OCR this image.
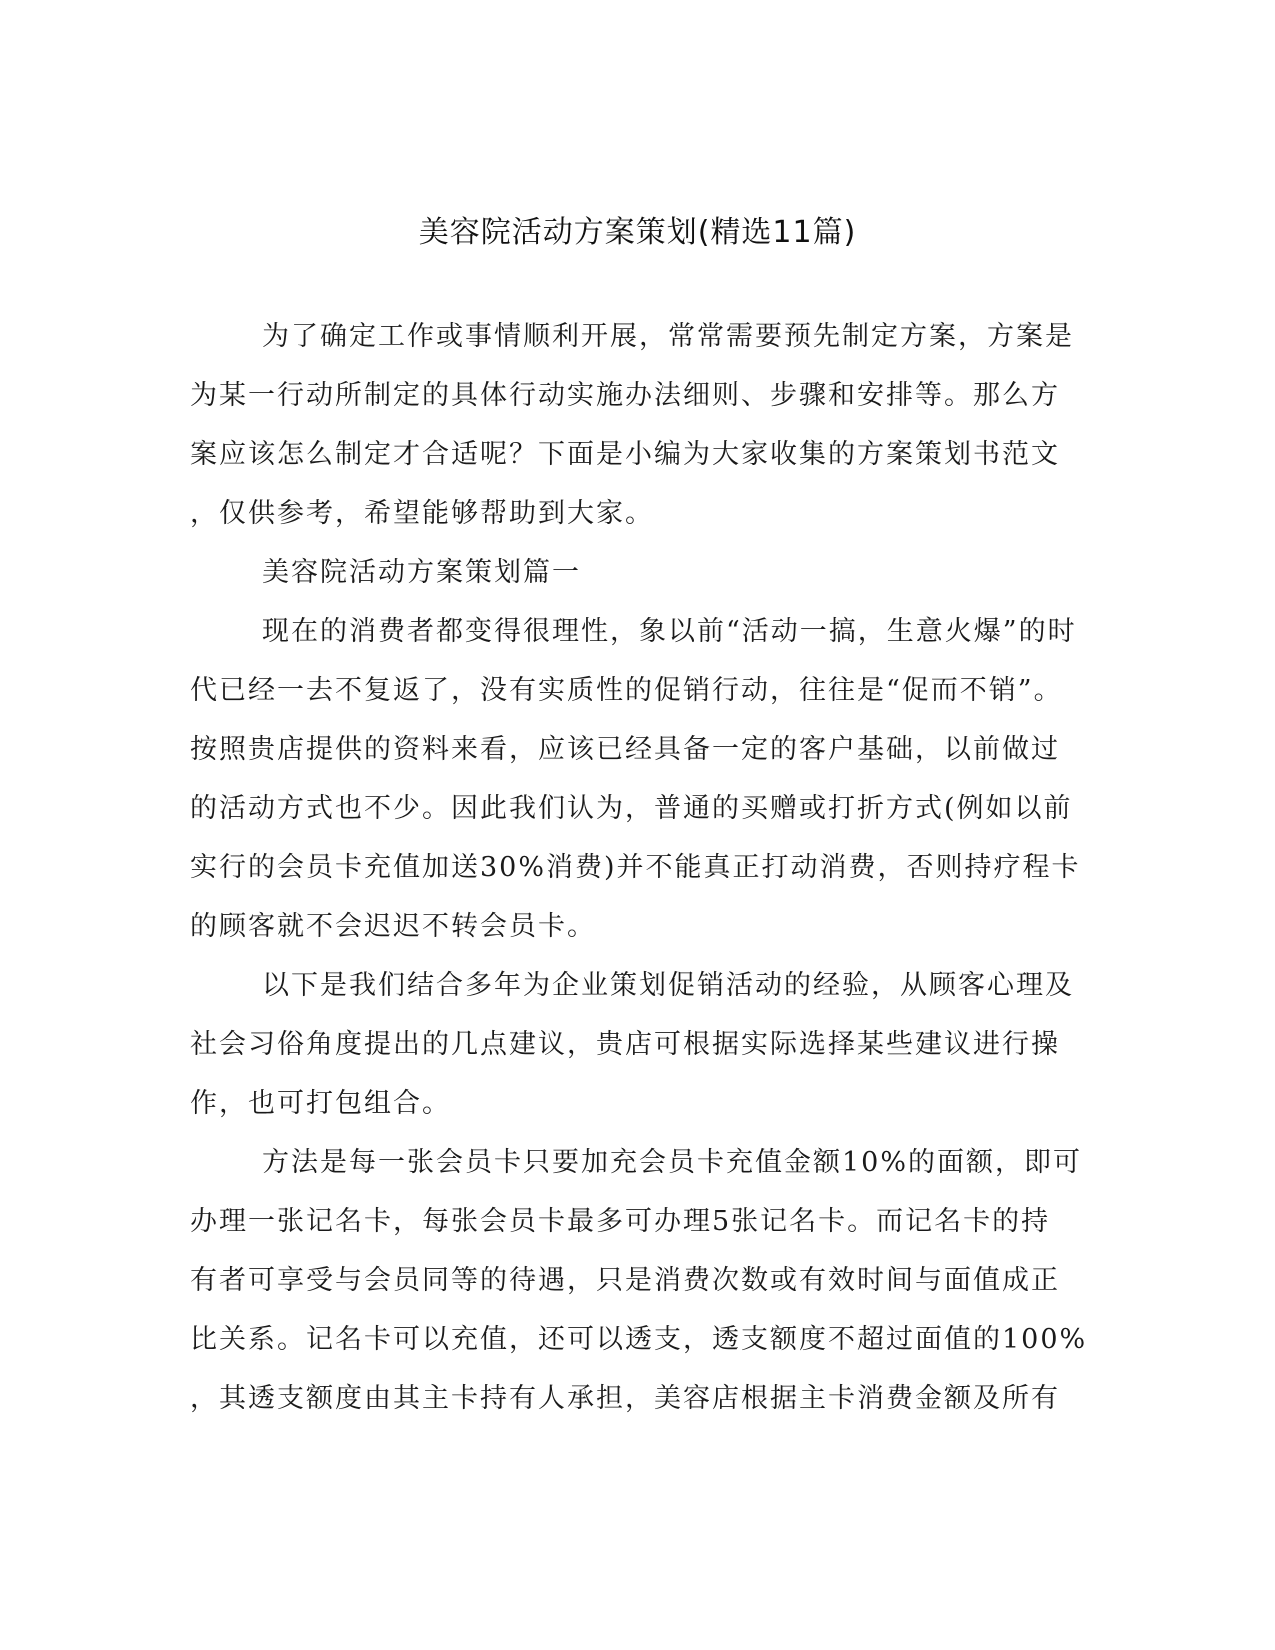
美容院活动方案策划(精选11篇)
为了确定工作或事情顺利开展，常常需要预先制定方案，方案是
为某一行动所制定的具体行动实施办法细则、步骤和安排等。那么方
案应该怎么制定才合适呢？下面是小编为大家收集的方案策划书范文
，仅供参考，希望能够帮助到大家。
美容院活动方案策划篇一
现在的消费者都变得很理性，象以前“活动一搞，生意火爆”的时
代已经一去不复返了，没有实质性的促销行动，往往是“促而不销”。
按照贵店提供的资料来看，应该已经具备一定的客户基础，以前做过
的活动方式也不少。因此我们认为，普通的买赠或打折方式(例如以前
实行的会员卡充值加送30%消费)并不能真正打动消费，否则持疗程卡
的顾客就不会迟迟不转会员卡。
以下是我们结合多年为企业策划促销活动的经验，从顾客心理及
社会习俗角度提出的几点建议，贵店可根据实际选择某些建议进行操
作，也可打包组合。
方法是每一张会员卡只要加充会员卡充值金额10%的面额，即可
办理一张记名卡，每张会员卡最多可办理5张记名卡。而记名卡的持
有者可享受与会员同等的待遇，只是消费次数或有效时间与面值成正
比关系。记名卡可以充值，还可以透支，透支额度不超过面值的100%
，其透支额度由其主卡持有人承担，美容店根据主卡消费金额及所有
